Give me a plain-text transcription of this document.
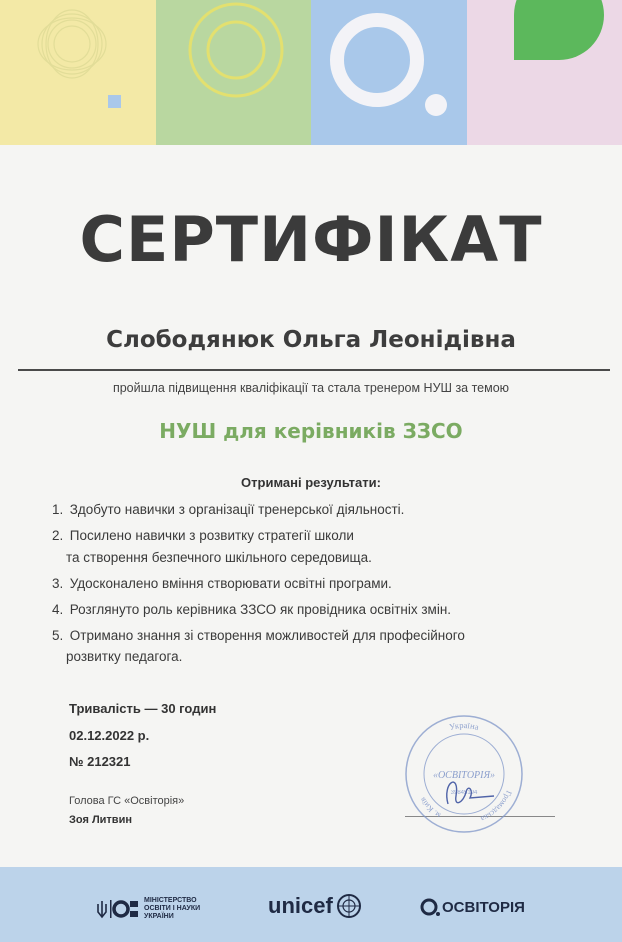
СЕРТИФІКАТ
Слободянюк Ольга Леонідівна
пройшла підвищення кваліфікації та стала тренером НУШ за темою
НУШ для керівників ЗЗСО
Отримані результати:
1. Здобуто навички з організації тренерської діяльності.
2. Посилено навички з розвитку стратегії школи
та створення безпечного шкільного середовища.
3. Удосконалено вміння створювати освітні програми.
4. Розглянуто роль керівника ЗЗСО як провідника освітніх змін.
5. Отримано знання зі створення можливостей для професійного
розвитку педагога.
Тривалість — 30 годин
02.12.2022 р.
№ 212321
Голова ГС «Освіторія»
Зоя Литвин
Україна
м. Київ
Громадська
«ОСВІТОРІЯ»
39845194
МІНІСТЕРСТВО
ОСВІТИ І НАУКИ
УКРАЇНИ	unicef	ОСВІТОРІЯ
